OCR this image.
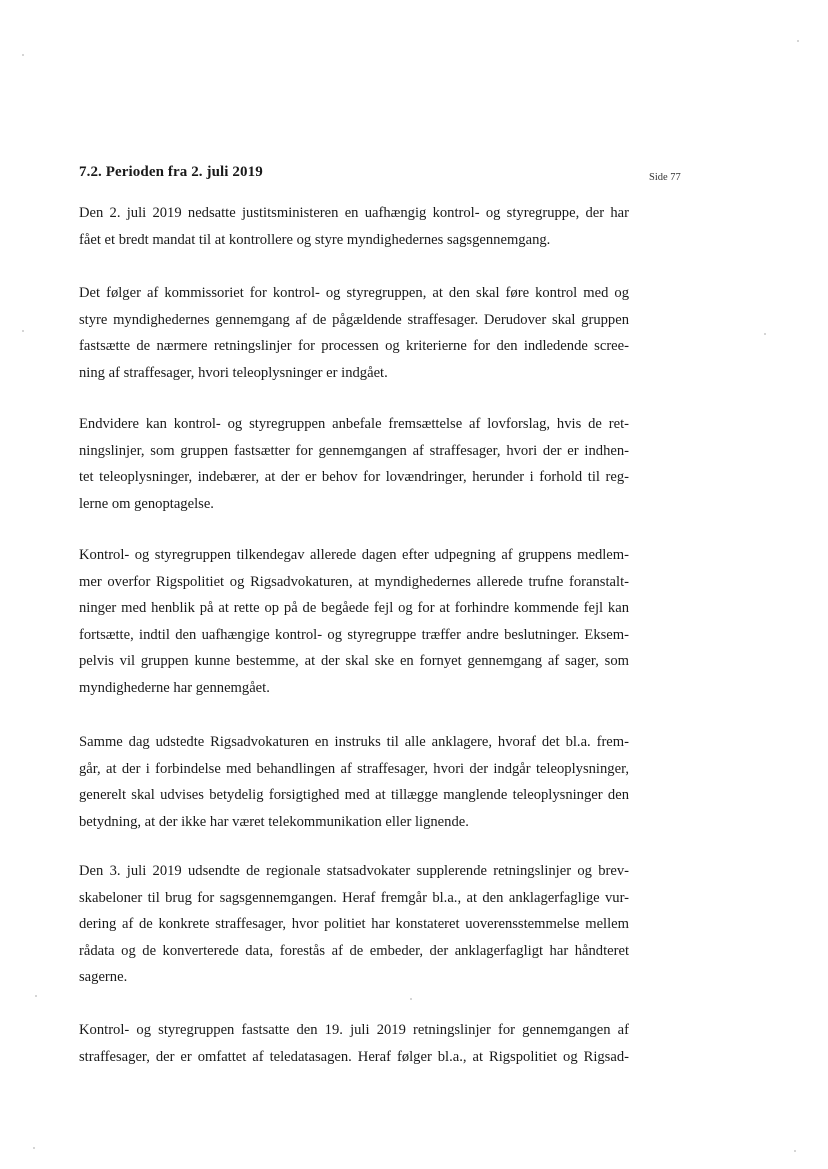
7.2. Perioden fra 2. juli 2019	Side 77

Den 2. juli 2019 nedsatte justitsministeren en uafhængig kontrol- og styregruppe, der har
fået et bredt mandat til at kontrollere og styre myndighedernes sagsgennemgang.

Det følger af kommissoriet for kontrol- og styregruppen, at den skal føre kontrol med og
styre myndighedernes gennemgang af de pågældende straffesager. Derudover skal gruppen
fastsætte de nærmere retningslinjer for processen og kriterierne for den indledende scree-
ning af straffesager, hvori teleoplysninger er indgået.

Endvidere kan kontrol- og styregruppen anbefale fremsættelse af lovforslag, hvis de ret-
ningslinjer, som gruppen fastsætter for gennemgangen af straffesager, hvori der er indhen-
tet teleoplysninger, indebærer, at der er behov for lovændringer, herunder i forhold til reg-
lerne om genoptagelse.

Kontrol- og styregruppen tilkendegav allerede dagen efter udpegning af gruppens medlem-
mer overfor Rigspolitiet og Rigsadvokaturen, at myndighedernes allerede trufne foranstalt-
ninger med henblik på at rette op på de begåede fejl og for at forhindre kommende fejl kan
fortsætte, indtil den uafhængige kontrol- og styregruppe træffer andre beslutninger. Eksem-
pelvis vil gruppen kunne bestemme, at der skal ske en fornyet gennemgang af sager, som
myndighederne har gennemgået.

Samme dag udstedte Rigsadvokaturen en instruks til alle anklagere, hvoraf det bl.a. frem-
går, at der i forbindelse med behandlingen af straffesager, hvori der indgår teleoplysninger,
generelt skal udvises betydelig forsigtighed med at tillægge manglende teleoplysninger den
betydning, at der ikke har været telekommunikation eller lignende.

Den 3. juli 2019 udsendte de regionale statsadvokater supplerende retningslinjer og brev-
skabeloner til brug for sagsgennemgangen. Heraf fremgår bl.a., at den anklagerfaglige vur-
dering af de konkrete straffesager, hvor politiet har konstateret uoverensstemmelse mellem
rådata og de konverterede data, forestås af de embeder, der anklagerfagligt har håndteret
sagerne.

Kontrol- og styregruppen fastsatte den 19. juli 2019 retningslinjer for gennemgangen af
straffesager, der er omfattet af teledatasagen. Heraf følger bl.a., at Rigspolitiet og Rigsad-
